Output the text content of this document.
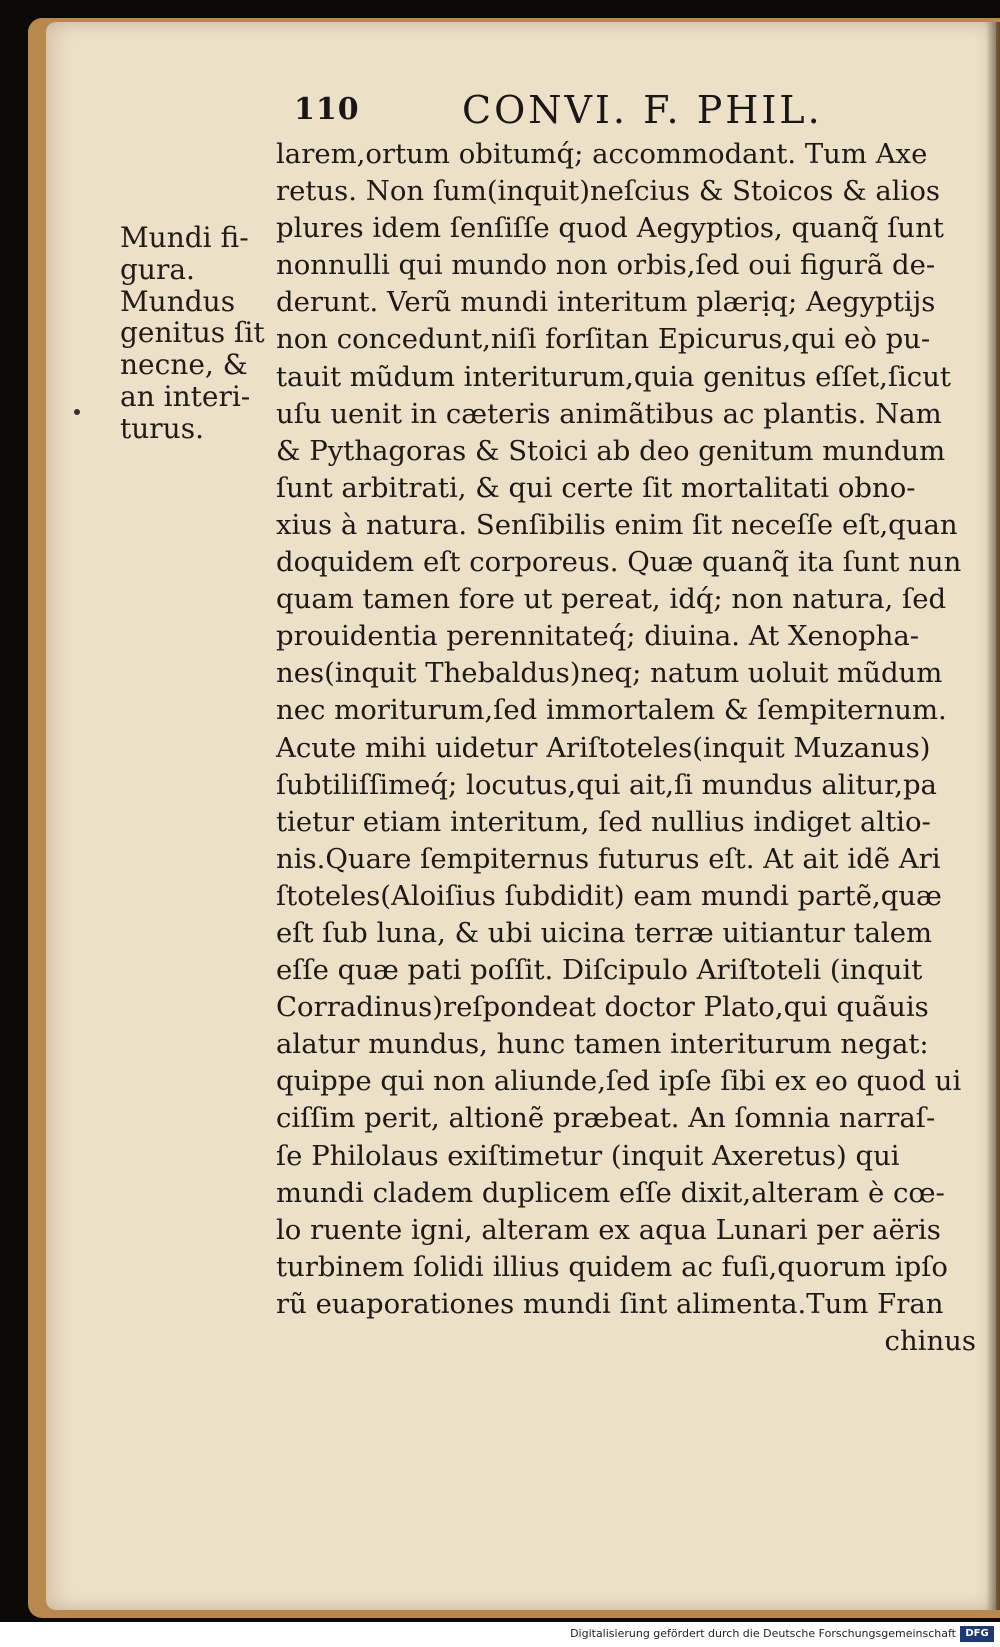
110	CONVI. F. PHIL.
Mundi fi-
gura.
Mundus
genitus ſit
necne, &
an interi-
turus.
larem,ortum obitumq́; accommodant. Tum Axe
retus. Non ſum(inquit)neſcius & Stoicos & alios
plures idem ſenſiſſe quod Aegyptios, quanq̃ ſunt
nonnulli qui mundo non orbis,ſed oui figurã de-
derunt. Verũ mundi interitum plærịq; Aegyptijs
non concedunt,niſi forſitan Epicurus,qui eò pu-
tauit mũdum interiturum,quia genitus eſſet,ſicut
uſu uenit in cæteris animãtibus ac plantis. Nam
& Pythagoras & Stoici ab deo genitum mundum
ſunt arbitrati, & qui certe ſit mortalitati obno-
xius à natura. Senſibilis enim ſit neceſſe eſt,quan
doquidem eſt corporeus. Quæ quanq̃ ita ſunt nun
quam tamen fore ut pereat, idq́; non natura, ſed
prouidentia perennitateq́; diuina. At Xenopha-
nes(inquit Thebaldus)neq; natum uoluit mũdum
nec moriturum,ſed immortalem & ſempiternum.
Acute mihi uidetur Ariſtoteles(inquit Muzanus)
ſubtiliſſimeq́; locutus,qui ait,ſi mundus alitur,pa
tietur etiam interitum, ſed nullius indiget altio-
nis.Quare ſempiternus futurus eſt. At ait idẽ Ari
ſtoteles(Aloiſius ſubdidit) eam mundi partẽ,quæ
eſt ſub luna, & ubi uicina terræ uitiantur talem
eſſe quæ pati poſſit. Diſcipulo Ariſtoteli (inquit
Corradinus)reſpondeat doctor Plato,qui quãuis
alatur mundus, hunc tamen interiturum negat:
quippe qui non aliunde,ſed ipſe ſibi ex eo quod ui
ciſſim perit, altionẽ præbeat. An ſomnia narraſ-
ſe Philolaus exiſtimetur (inquit Axeretus) qui
mundi cladem duplicem eſſe dixit,alteram è cœ-
lo ruente igni, alteram ex aqua Lunari per aëris
turbinem ſolidi illius quidem ac fuſi,quorum ipſo
rũ euaporationes mundi ſint alimenta.Tum Fran
chinus
Digitalisierung gefördert durch die Deutsche Forschungsgemeinschaft DFG
